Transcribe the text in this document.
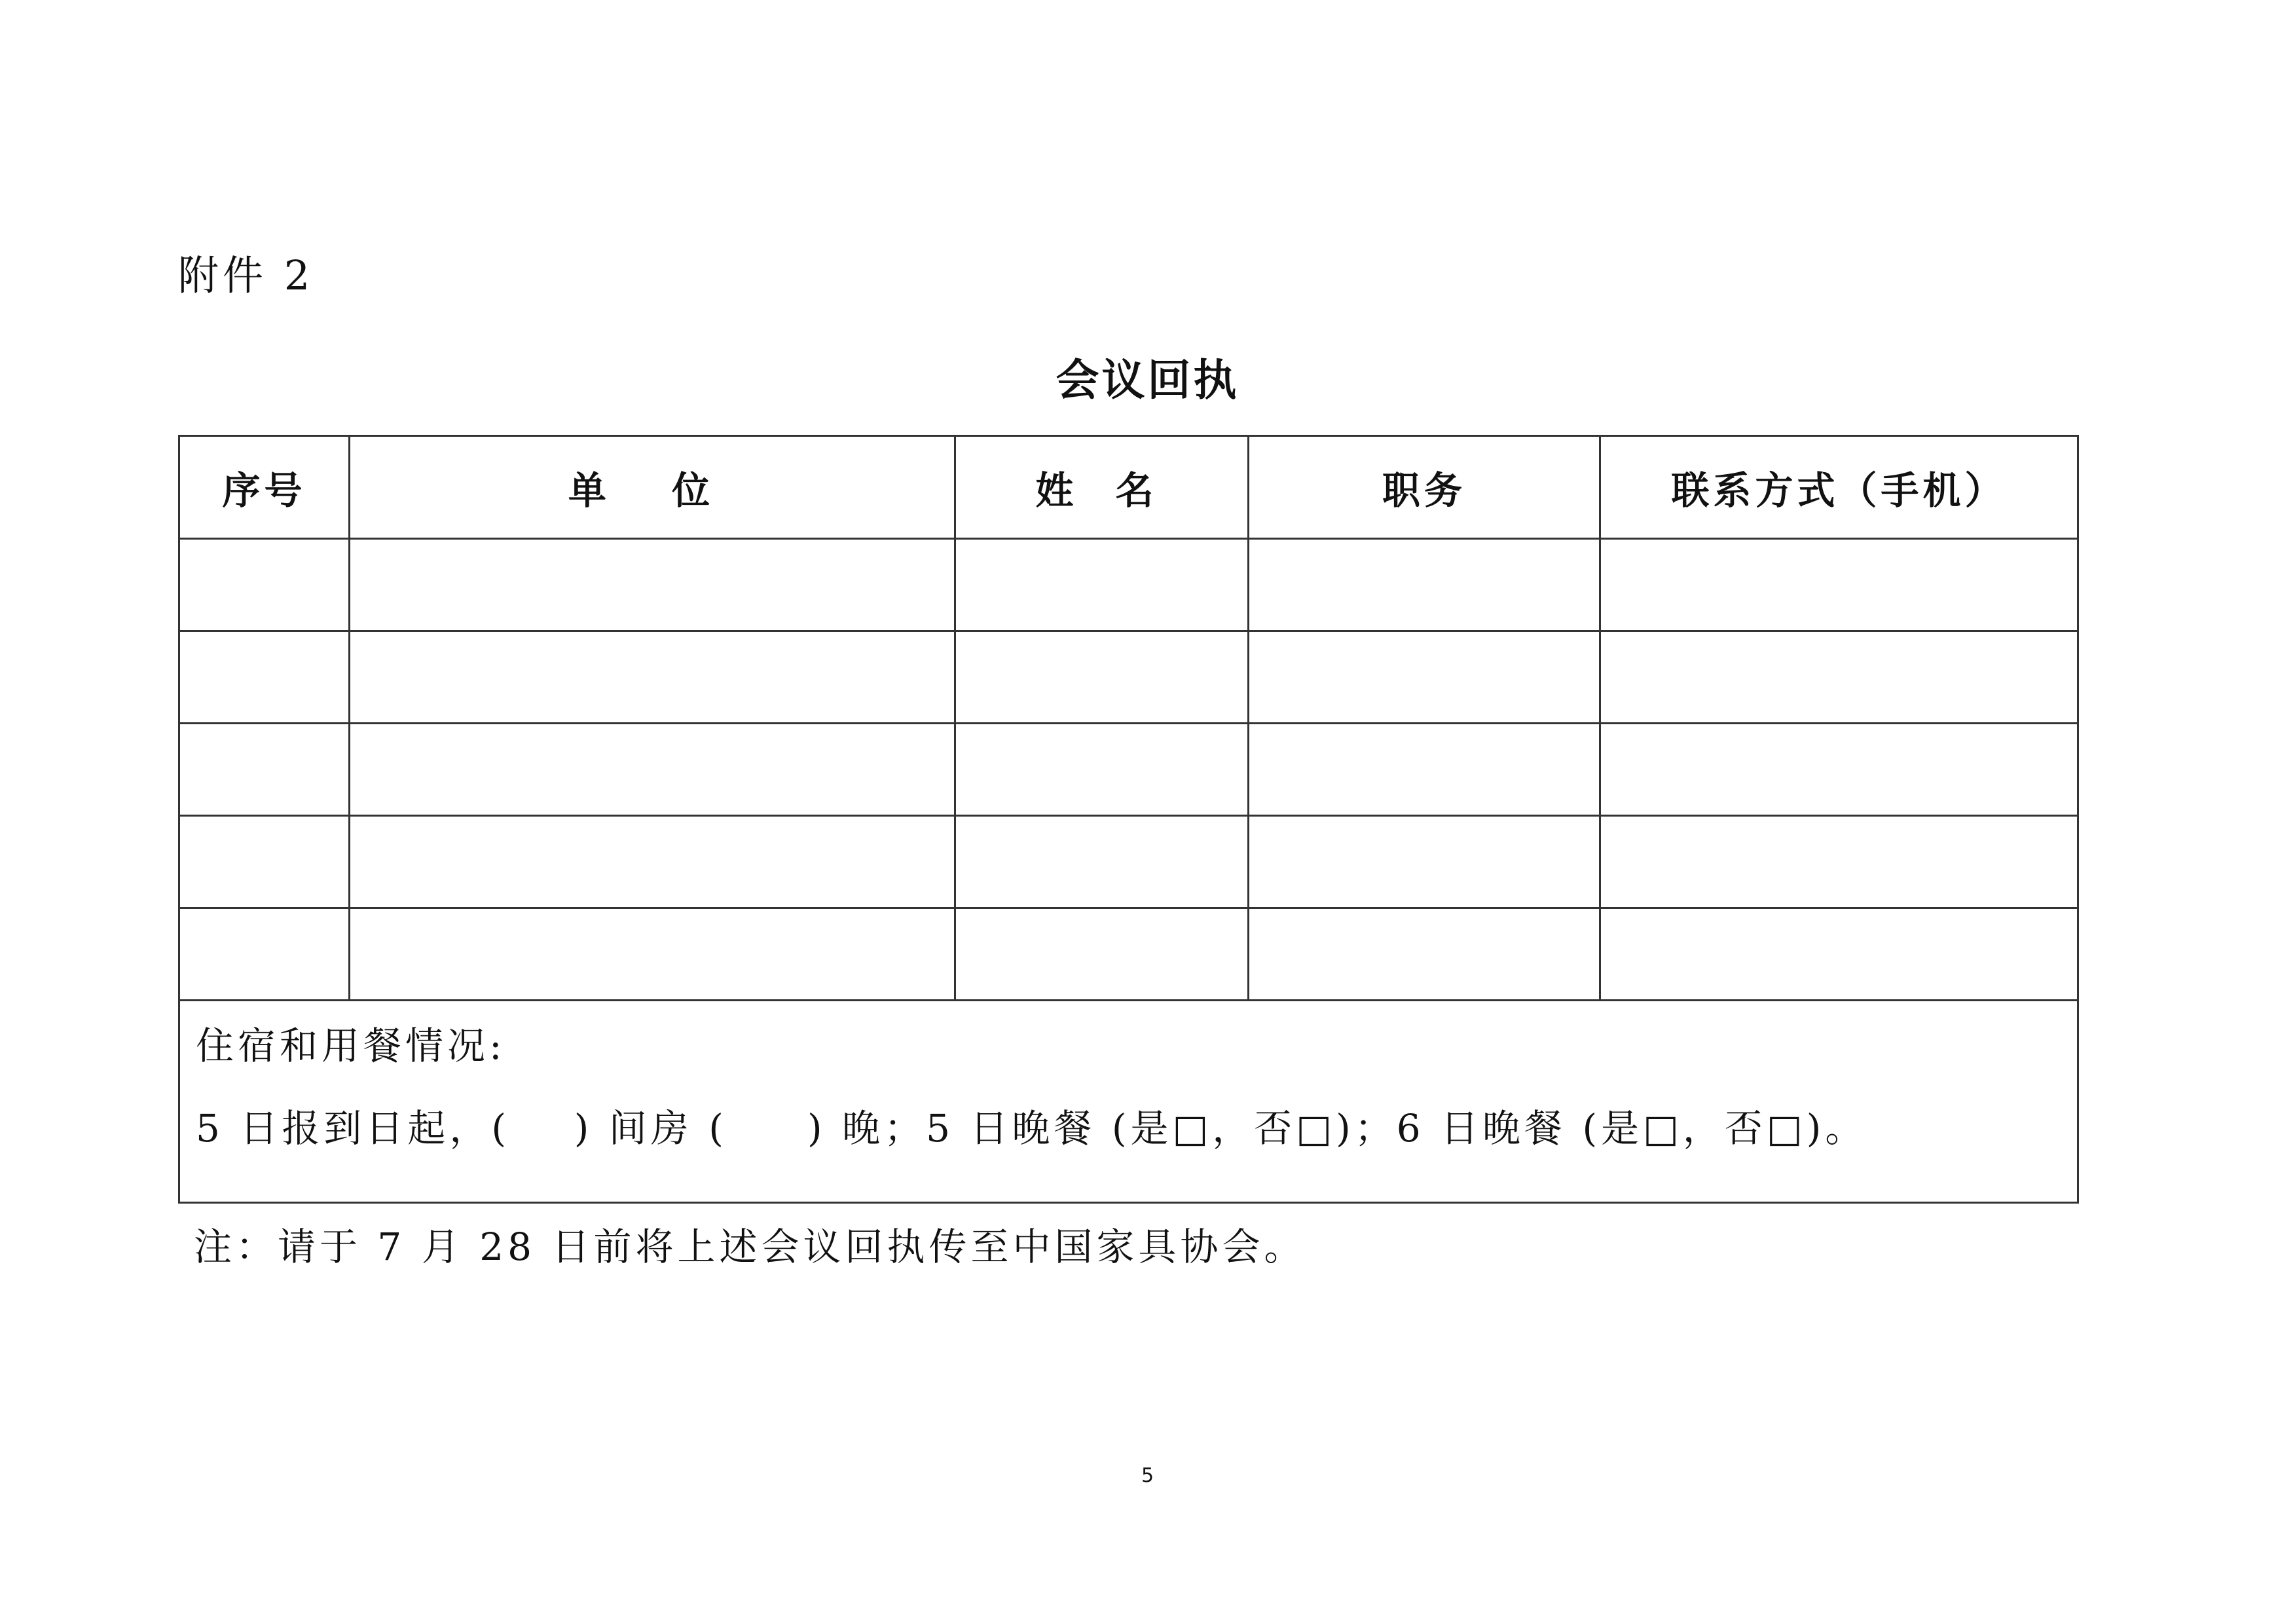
附件 2
会议回执
序号	单 位	姓 名	职务	联系方式（手机）

住宿和用餐情况:
5 日报到日起，(    ) 间房 (     ) 晚；5 日晚餐 (是□，否□)；6 日晚餐 (是□，否□)。				
注：请于 7 月 28 日前将上述会议回执传至中国家具协会。
5
